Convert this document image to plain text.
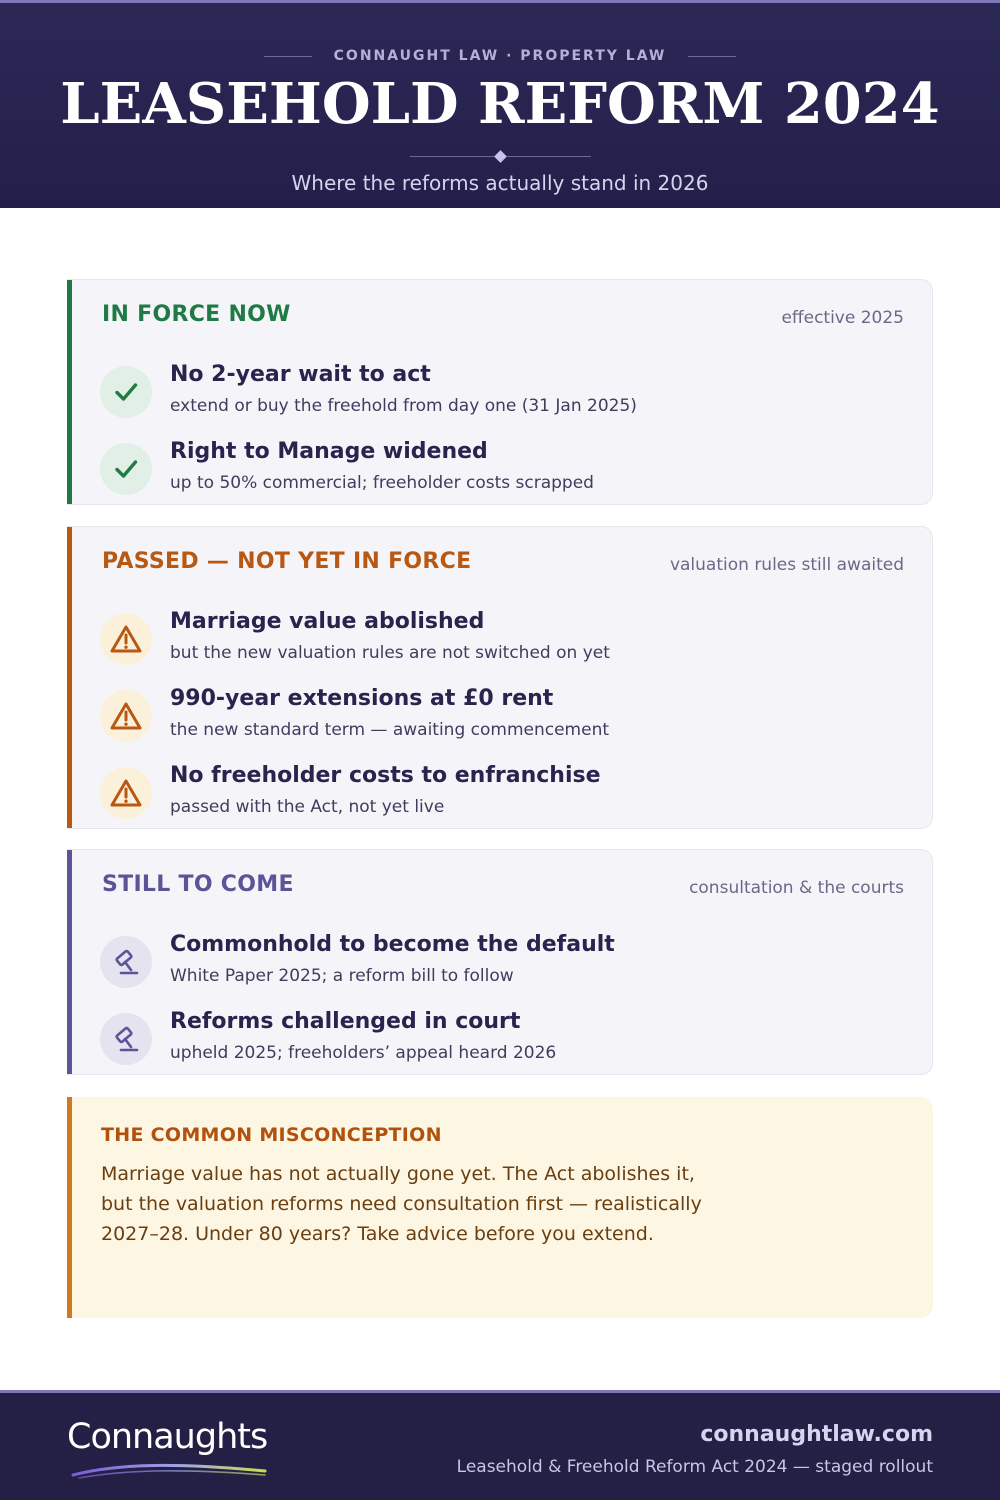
CONNAUGHT LAW · PROPERTY LAW
LEASEHOLD REFORM 2024
Where the reforms actually stand in 2026
IN FORCE NOW	effective 2025
No 2-year wait to act
extend or buy the freehold from day one (31 Jan 2025)
Right to Manage widened
up to 50% commercial; freeholder costs scrapped
PASSED — NOT YET IN FORCE	valuation rules still awaited
Marriage value abolished
but the new valuation rules are not switched on yet
990-year extensions at £0 rent
the new standard term — awaiting commencement
No freeholder costs to enfranchise
passed with the Act, not yet live
STILL TO COME	consultation & the courts
Commonhold to become the default
White Paper 2025; a reform bill to follow
Reforms challenged in court
upheld 2025; freeholders’ appeal heard 2026
THE COMMON MISCONCEPTION
Marriage value has not actually gone yet. The Act abolishes it, but the valuation reforms need consultation first — realistically 2027–28. Under 80 years? Take advice before you extend.
Connaughts	connaughtlaw.com
Leasehold & Freehold Reform Act 2024 — staged rollout
